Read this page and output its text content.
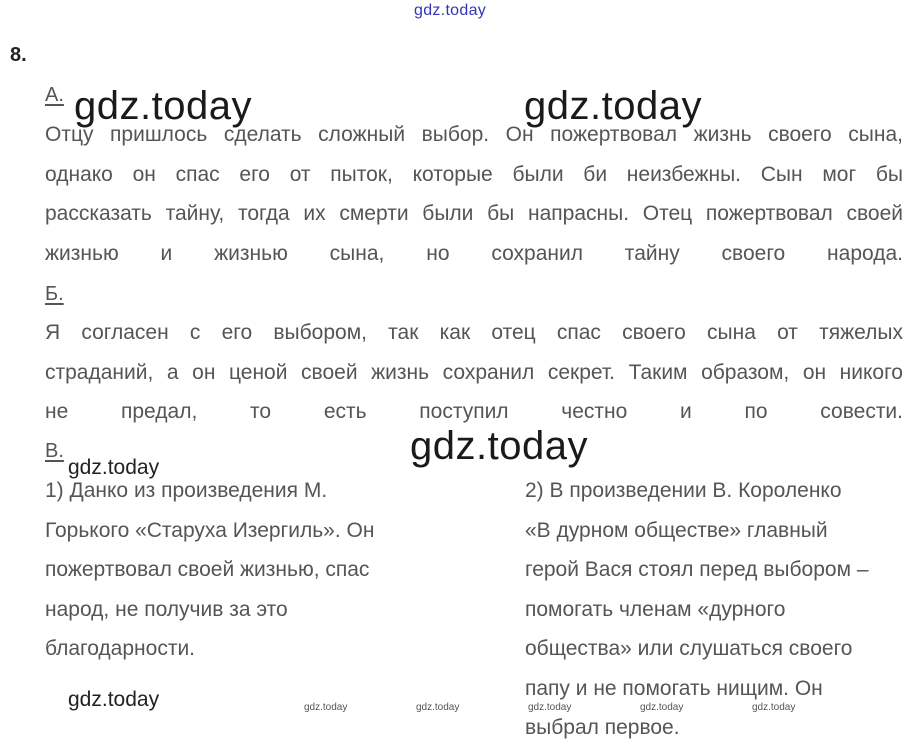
gdz.today
8.
А. gdz.today	gdz.today
Отцу пришлось сделать сложный выбор. Он пожертвовал жизнь своего сына,
однако он спас его от пыток, которые были би неизбежны. Сын мог бы
рассказать тайну, тогда их смерти были бы напрасны. Отец пожертвовал своей
жизнью и жизнью сына, но сохранил тайну своего народа.
Б.
Я согласен с его выбором, так как отец спас своего сына от тяжелых
страданий, а он ценой своей жизнь сохранил секрет. Таким образом, он никого
не предал, то есть поступил честно и по совести.
gdz.today
В.
gdz.today
1) Данко из произведения М.
Горького «Старуха Изергиль». Он
пожертвовал своей жизнью, спас
народ, не получив за это
благодарности.
2) В произведении В. Короленко
«В дурном обществе» главный
герой Вася стоял перед выбором –
помогать членам «дурного
общества» или слушаться своего
папу и не помогать нищим. Он
выбрал первое.
gdz.today	gdz.today	gdz.today	gdz.today	gdz.today	gdz.today
